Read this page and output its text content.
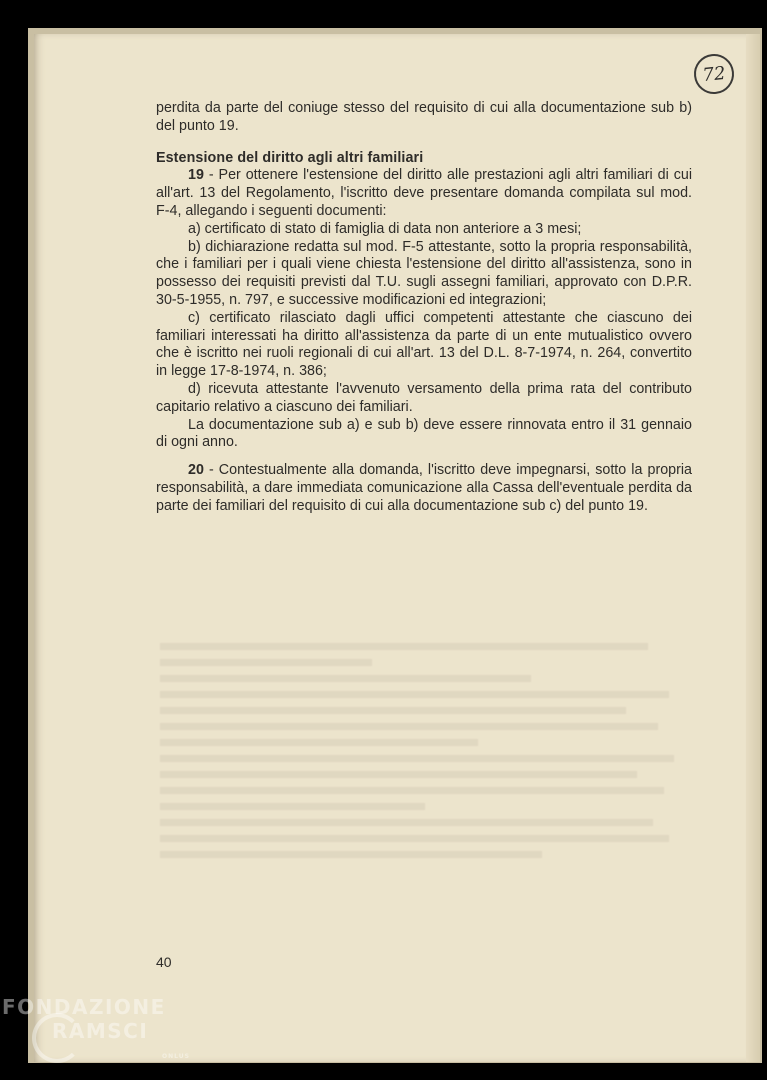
72

perdita da parte del coniuge stesso del requisito di cui alla documentazione sub b) del punto 19.

Estensione del diritto agli altri familiari

19 - Per ottenere l'estensione del diritto alle prestazioni agli altri familiari di cui all'art. 13 del Regolamento, l'iscritto deve presentare domanda compilata sul mod. F-4, allegando i seguenti documenti:

a) certificato di stato di famiglia di data non anteriore a 3 mesi;

b) dichiarazione redatta sul mod. F-5 attestante, sotto la propria responsabilità, che i familiari per i quali viene chiesta l'estensione del diritto all'assistenza, sono in possesso dei requisiti previsti dal T.U. sugli assegni familiari, approvato con D.P.R. 30-5-1955, n. 797, e successive modificazioni ed integrazioni;

c) certificato rilasciato dagli uffici competenti attestante che ciascuno dei familiari interessati ha diritto all'assistenza da parte di un ente mutualistico ovvero che è iscritto nei ruoli regionali di cui all'art. 13 del D.L. 8-7-1974, n. 264, convertito in legge 17-8-1974, n. 386;

d) ricevuta attestante l'avvenuto versamento della prima rata del contributo capitario relativo a ciascuno dei familiari.

La documentazione sub a) e sub b) deve essere rinnovata entro il 31 gennaio di ogni anno.

20 - Contestualmente alla domanda, l'iscritto deve impegnarsi, sotto la propria responsabilità, a dare immediata comunicazione alla Cassa dell'eventuale perdita da parte dei familiari del requisito di cui alla documentazione sub c) del punto 19.

40
FONDAZIONE
RAMSCI
ONLUS
